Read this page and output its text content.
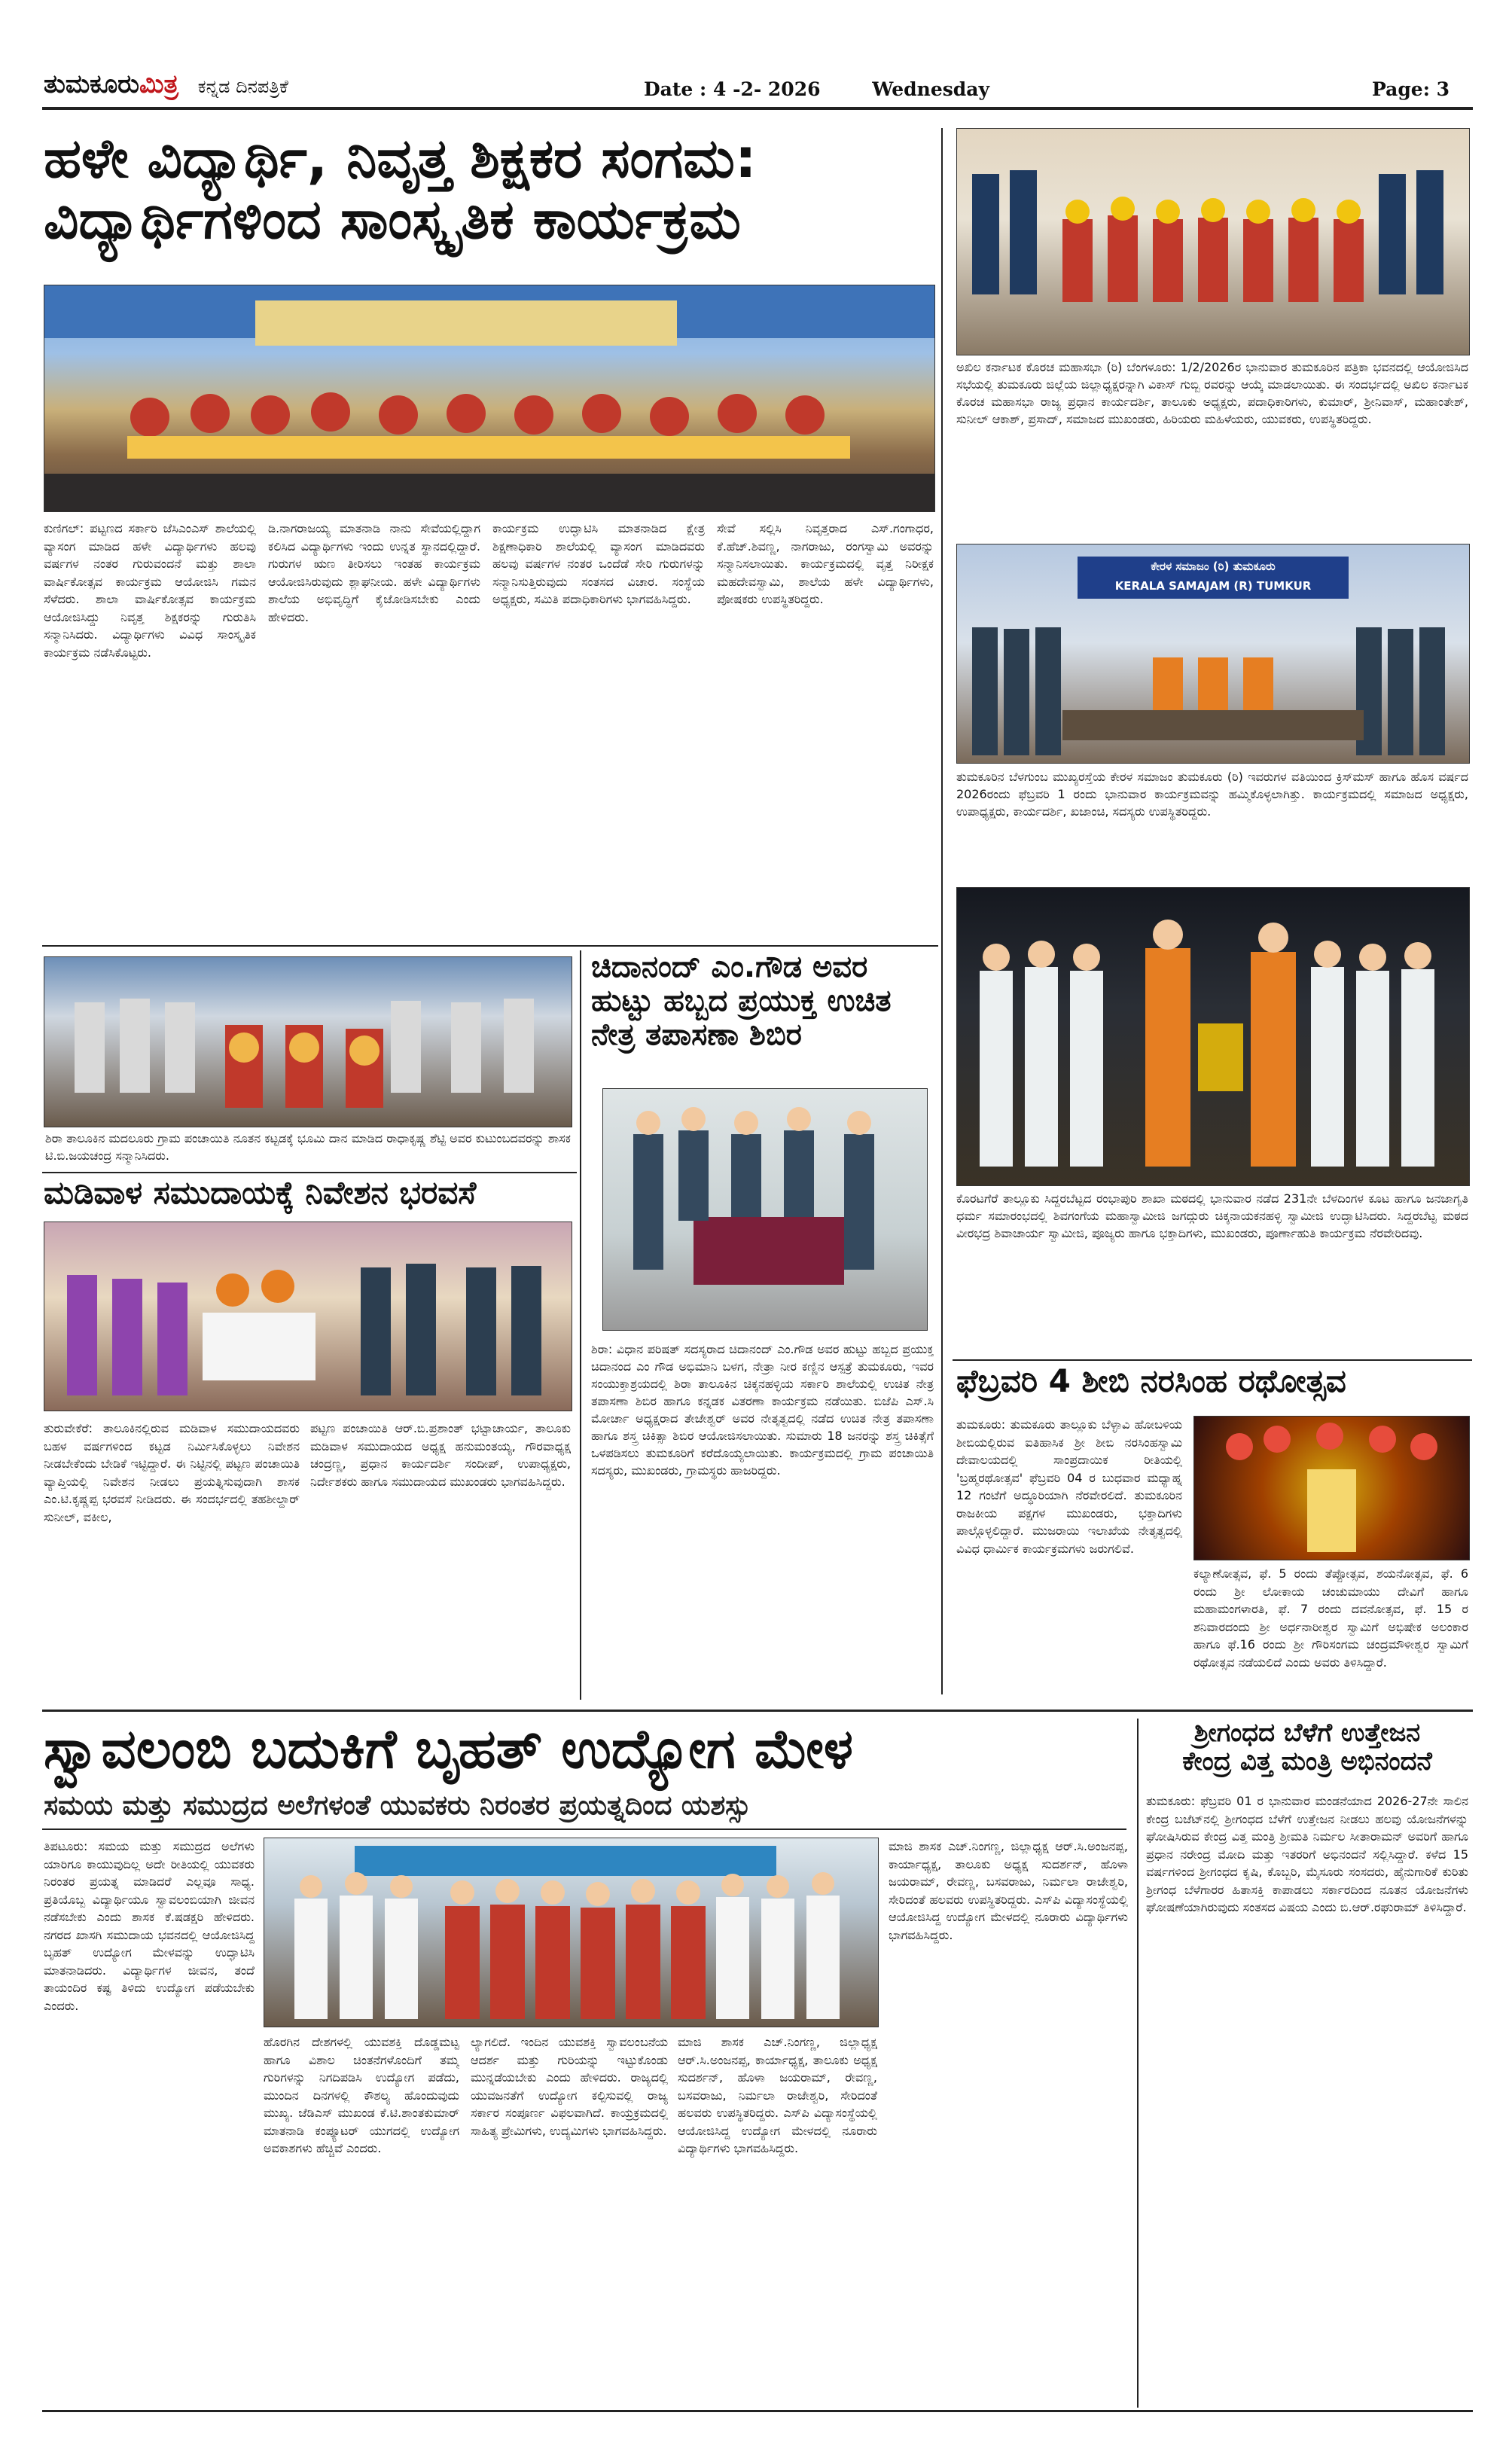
ತುಮಕೂರುಮಿತ್ರ ಕನ್ನಡ ದಿನಪತ್ರಿಕೆ	Date : 4 -2- 2026	Wednesday	Page: 3
ಹಳೇ ವಿದ್ಯಾರ್ಥಿ, ನಿವೃತ್ತ ಶಿಕ್ಷಕರ ಸಂಗಮ:
ವಿದ್ಯಾರ್ಥಿಗಳಿಂದ ಸಾಂಸ್ಕೃತಿಕ ಕಾರ್ಯಕ್ರಮ
ಕುಣಿಗಲ್: ಪಟ್ಟಣದ ಸರ್ಕಾರಿ ಜೆಸಿಎಂಎಸ್ ಶಾಲೆಯಲ್ಲಿ ವ್ಯಾಸಂಗ ಮಾಡಿದ ಹಳೇ ವಿದ್ಯಾರ್ಥಿಗಳು ಹಲವು ವರ್ಷಗಳ ನಂತರ ಗುರುವಂದನೆ ಮತ್ತು ಶಾಲಾ ವಾರ್ಷಿಕೋತ್ಸವ ಕಾರ್ಯಕ್ರಮ ಆಯೋಜಿಸಿ ಗಮನ ಸೆಳೆದರು. ಶಾಲಾ ವಾರ್ಷಿಕೋತ್ಸವ ಕಾರ್ಯಕ್ರಮ ಆಯೋಜಿಸಿದ್ದು ನಿವೃತ್ತ ಶಿಕ್ಷಕರನ್ನು ಗುರುತಿಸಿ ಸನ್ಮಾನಿಸಿದರು. ವಿದ್ಯಾರ್ಥಿಗಳು ವಿವಿಧ ಸಾಂಸ್ಕೃತಿಕ ಕಾರ್ಯಕ್ರಮ ನಡೆಸಿಕೊಟ್ಟರು.
ಡಿ.ನಾಗರಾಜಯ್ಯ ಮಾತನಾಡಿ ನಾನು ಸೇವೆಯಲ್ಲಿದ್ದಾಗ ಕಲಿಸಿದ ವಿದ್ಯಾರ್ಥಿಗಳು ಇಂದು ಉನ್ನತ ಸ್ಥಾನದಲ್ಲಿದ್ದಾರೆ. ಗುರುಗಳ ಋಣ ತೀರಿಸಲು ಇಂತಹ ಕಾರ್ಯಕ್ರಮ ಆಯೋಜಿಸಿರುವುದು ಶ್ಲಾಘನೀಯ. ಹಳೇ ವಿದ್ಯಾರ್ಥಿಗಳು ಶಾಲೆಯ ಅಭಿವೃದ್ಧಿಗೆ ಕೈಜೋಡಿಸಬೇಕು ಎಂದು ಹೇಳಿದರು.
ಕಾರ್ಯಕ್ರಮ ಉದ್ಘಾಟಿಸಿ ಮಾತನಾಡಿದ ಕ್ಷೇತ್ರ ಶಿಕ್ಷಣಾಧಿಕಾರಿ ಶಾಲೆಯಲ್ಲಿ ವ್ಯಾಸಂಗ ಮಾಡಿದವರು ಹಲವು ವರ್ಷಗಳ ನಂತರ ಒಂದೆಡೆ ಸೇರಿ ಗುರುಗಳನ್ನು ಸನ್ಮಾನಿಸುತ್ತಿರುವುದು ಸಂತಸದ ವಿಚಾರ. ಸಂಸ್ಥೆಯ ಅಧ್ಯಕ್ಷರು, ಸಮಿತಿ ಪದಾಧಿಕಾರಿಗಳು ಭಾಗವಹಿಸಿದ್ದರು.
ಸೇವೆ ಸಲ್ಲಿಸಿ ನಿವೃತ್ತರಾದ ಎಸ್.ಗಂಗಾಧರ, ಕೆ.ಹೆಚ್.ಶಿವಣ್ಣ, ನಾಗರಾಜು, ರಂಗಸ್ವಾಮಿ ಅವರನ್ನು ಸನ್ಮಾನಿಸಲಾಯಿತು. ಕಾರ್ಯಕ್ರಮದಲ್ಲಿ ವೃತ್ತ ನಿರೀಕ್ಷಕ ಮಹದೇವಸ್ವಾಮಿ, ಶಾಲೆಯ ಹಳೇ ವಿದ್ಯಾರ್ಥಿಗಳು, ಪೋಷಕರು ಉಪಸ್ಥಿತರಿದ್ದರು.
ಶಿರಾ ತಾಲೂಕಿನ ಮದಲೂರು ಗ್ರಾಮ ಪಂಚಾಯಿತಿ ನೂತನ ಕಟ್ಟಡಕ್ಕೆ ಭೂಮಿ ದಾನ ಮಾಡಿದ ರಾಧಾಕೃಷ್ಣ ಶೆಟ್ಟಿ ಅವರ ಕುಟುಂಬದವರನ್ನು ಶಾಸಕ ಟಿ.ಬಿ.ಜಯಚಂದ್ರ ಸನ್ಮಾನಿಸಿದರು.
ಮಡಿವಾಳ ಸಮುದಾಯಕ್ಕೆ ನಿವೇಶನ ಭರವಸೆ
ತುರುವೇಕೆರೆ: ತಾಲೂಕಿನಲ್ಲಿರುವ ಮಡಿವಾಳ ಸಮುದಾಯದವರು ಬಹಳ ವರ್ಷಗಳಿಂದ ಕಟ್ಟಡ ನಿರ್ಮಿಸಿಕೊಳ್ಳಲು ನಿವೇಶನ ನೀಡಬೇಕೆಂದು ಬೇಡಿಕೆ ಇಟ್ಟಿದ್ದಾರೆ. ಈ ನಿಟ್ಟಿನಲ್ಲಿ ಪಟ್ಟಣ ಪಂಚಾಯಿತಿ ವ್ಯಾಪ್ತಿಯಲ್ಲಿ ನಿವೇಶನ ನೀಡಲು ಪ್ರಯತ್ನಿಸುವುದಾಗಿ ಶಾಸಕ ಎಂ.ಟಿ.ಕೃಷ್ಣಪ್ಪ ಭರವಸೆ ನೀಡಿದರು. ಈ ಸಂದರ್ಭದಲ್ಲಿ ತಹಶೀಲ್ದಾರ್ ಸುನೀಲ್, ವಕೀಲ,
ಪಟ್ಟಣ ಪಂಚಾಯಿತಿ ಆರ್.ಬಿ.ಪ್ರಶಾಂತ್ ಭಟ್ಟಾಚಾರ್ಯ, ತಾಲೂಕು ಮಡಿವಾಳ ಸಮುದಾಯದ ಅಧ್ಯಕ್ಷ ಹನುಮಂತಯ್ಯ, ಗೌರವಾಧ್ಯಕ್ಷ ಚಂದ್ರಣ್ಣ, ಪ್ರಧಾನ ಕಾರ್ಯದರ್ಶಿ ಸಂದೀಪ್, ಉಪಾಧ್ಯಕ್ಷರು, ನಿರ್ದೇಶಕರು ಹಾಗೂ ಸಮುದಾಯದ ಮುಖಂಡರು ಭಾಗವಹಿಸಿದ್ದರು.
ಚಿದಾನಂದ್ ಎಂ.ಗೌಡ ಅವರ
ಹುಟ್ಟು ಹಬ್ಬದ ಪ್ರಯುಕ್ತ ಉಚಿತ
ನೇತ್ರ ತಪಾಸಣಾ ಶಿಬಿರ
ಶಿರಾ: ವಿಧಾನ ಪರಿಷತ್ ಸದಸ್ಯರಾದ ಚಿದಾನಂದ್ ಎಂ.ಗೌಡ ಅವರ ಹುಟ್ಟು ಹಬ್ಬದ ಪ್ರಯುಕ್ತ ಚಿದಾನಂದ ಎಂ ಗೌಡ ಅಭಿಮಾನಿ ಬಳಗ, ನೇತ್ರಾ ನೀರ ಕಣ್ಣಿನ ಆಸ್ಪತ್ರೆ ತುಮಕೂರು, ಇವರ ಸಂಯುಕ್ತಾಶ್ರಯದಲ್ಲಿ ಶಿರಾ ತಾಲೂಕಿನ ಚಿಕ್ಕನಹಳ್ಳಿಯ ಸರ್ಕಾರಿ ಶಾಲೆಯಲ್ಲಿ ಉಚಿತ ನೇತ್ರ ತಪಾಸಣಾ ಶಿಬಿರ ಹಾಗೂ ಕನ್ನಡಕ ವಿತರಣಾ ಕಾರ್ಯಕ್ರಮ ನಡೆಯಿತು. ಬಿಜೆಪಿ ಎಸ್.ಸಿ ಮೋರ್ಚಾ ಅಧ್ಯಕ್ಷರಾದ ತೇಜೇಶ್ವರ್ ಅವರ ನೇತೃತ್ವದಲ್ಲಿ ನಡೆದ ಉಚಿತ ನೇತ್ರ ತಪಾಸಣಾ ಹಾಗೂ ಶಸ್ತ್ರ ಚಿಕಿತ್ಸಾ ಶಿಬಿರ ಆಯೋಜಿಸಲಾಯಿತು. ಸುಮಾರು 18 ಜನರನ್ನು ಶಸ್ತ್ರ ಚಿಕಿತ್ಸೆಗೆ ಒಳಪಡಿಸಲು ತುಮಕೂರಿಗೆ ಕರೆದೊಯ್ಯಲಾಯಿತು. ಕಾರ್ಯಕ್ರಮದಲ್ಲಿ ಗ್ರಾಮ ಪಂಚಾಯಿತಿ ಸದಸ್ಯರು, ಮುಖಂಡರು, ಗ್ರಾಮಸ್ಥರು ಹಾಜರಿದ್ದರು.
ಅಖಿಲ ಕರ್ನಾಟಕ ಕೊರಚ ಮಹಾಸಭಾ (ರಿ) ಬೆಂಗಳೂರು: 1/2/2026ರ ಭಾನುವಾರ ತುಮಕೂರಿನ ಪತ್ರಿಕಾ ಭವನದಲ್ಲಿ ಆಯೋಜಿಸಿದ ಸಭೆಯಲ್ಲಿ ತುಮಕೂರು ಜಿಲ್ಲೆಯ ಜಿಲ್ಲಾಧ್ಯಕ್ಷರನ್ನಾಗಿ ವಿಕಾಸ್ ಗುಬ್ಬಿ ರವರನ್ನು ಆಯ್ಕೆ ಮಾಡಲಾಯಿತು. ಈ ಸಂದರ್ಭದಲ್ಲಿ ಅಖಿಲ ಕರ್ನಾಟಕ ಕೊರಚ ಮಹಾಸಭಾ ರಾಜ್ಯ ಪ್ರಧಾನ ಕಾರ್ಯದರ್ಶಿ, ತಾಲೂಕು ಅಧ್ಯಕ್ಷರು, ಪದಾಧಿಕಾರಿಗಳು, ಕುಮಾರ್, ಶ್ರೀನಿವಾಸ್, ಮಹಾಂತೇಶ್, ಸುನೀಲ್ ಆಕಾಶ್, ಪ್ರಸಾದ್, ಸಮಾಜದ ಮುಖಂಡರು, ಹಿರಿಯರು ಮಹಿಳೆಯರು, ಯುವಕರು, ಉಪಸ್ಥಿತರಿದ್ದರು.
ಕೇರಳ ಸಮಾಜಂ (ರಿ) ತುಮಕೂರು
KERALA SAMAJAM (R) TUMKUR
ತುಮಕೂರಿನ ಬೆಳಗುಂಬ ಮುಖ್ಯರಸ್ತೆಯ ಕೇರಳ ಸಮಾಜಂ ತುಮಕೂರು (ರಿ) ಇವರುಗಳ ವತಿಯಿಂದ ಕ್ರಿಸ್‌ಮಸ್ ಹಾಗೂ ಹೊಸ ವರ್ಷದ 2026ರಂದು ಫೆಬ್ರವರಿ 1 ರಂದು ಭಾನುವಾರ ಕಾರ್ಯಕ್ರಮವನ್ನು ಹಮ್ಮಿಕೊಳ್ಳಲಾಗಿತ್ತು. ಕಾರ್ಯಕ್ರಮದಲ್ಲಿ ಸಮಾಜದ ಅಧ್ಯಕ್ಷರು, ಉಪಾಧ್ಯಕ್ಷರು, ಕಾರ್ಯದರ್ಶಿ, ಖಜಾಂಚಿ, ಸದಸ್ಯರು ಉಪಸ್ಥಿತರಿದ್ದರು.
ಕೊರಟಗೆರೆ ತಾಲ್ಲೂಕು ಸಿದ್ದರಬೆಟ್ಟದ ರಂಭಾಪುರಿ ಶಾಖಾ ಮಠದಲ್ಲಿ ಭಾನುವಾರ ನಡೆದ 231ನೇ ಬೆಳದಿಂಗಳ ಕೂಟ ಹಾಗೂ ಜನಜಾಗೃತಿ ಧರ್ಮ ಸಮಾರಂಭದಲ್ಲಿ ಶಿವಗಂಗೆಯ ಮಹಾಸ್ವಾಮೀಜಿ ಜಗದ್ಗುರು ಚಿಕ್ಕನಾಯಕನಹಳ್ಳಿ ಸ್ವಾಮೀಜಿ ಉದ್ಘಾಟಿಸಿದರು. ಸಿದ್ದರಬೆಟ್ಟ ಮಠದ ವೀರಭದ್ರ ಶಿವಾಚಾರ್ಯ ಸ್ವಾಮೀಜಿ, ಪೂಜ್ಯರು ಹಾಗೂ ಭಕ್ತಾದಿಗಳು, ಮುಖಂಡರು, ಪೂರ್ಣಾಹುತಿ ಕಾರ್ಯಕ್ರಮ ನೆರವೇರಿದವು.
ಫೆಬ್ರವರಿ 4 ಶೀಬಿ ನರಸಿಂಹ ರಥೋತ್ಸವ
ತುಮಕೂರು: ತುಮಕೂರು ತಾಲ್ಲೂಕು ಬೆಳ್ಳಾವಿ ಹೋಬಳಿಯ ಶೀಬಿಯಲ್ಲಿರುವ ಐತಿಹಾಸಿಕ ಶ್ರೀ ಶೀಬಿ ನರಸಿಂಹಸ್ವಾಮಿ ದೇವಾಲಯದಲ್ಲಿ ಸಾಂಪ್ರದಾಯಿಕ ರೀತಿಯಲ್ಲಿ 'ಬ್ರಹ್ಮರಥೋತ್ಸವ' ಫೆಬ್ರವರಿ 04 ರ ಬುಧವಾರ ಮಧ್ಯಾಹ್ನ 12 ಗಂಟೆಗೆ ಅದ್ಧೂರಿಯಾಗಿ ನೆರವೇರಲಿದೆ. ತುಮಕೂರಿನ ರಾಜಕೀಯ ಪಕ್ಷಗಳ ಮುಖಂಡರು, ಭಕ್ತಾದಿಗಳು ಪಾಲ್ಗೊಳ್ಳಲಿದ್ದಾರೆ. ಮುಜರಾಯಿ ಇಲಾಖೆಯ ನೇತೃತ್ವದಲ್ಲಿ ವಿವಿಧ ಧಾರ್ಮಿಕ ಕಾರ್ಯಕ್ರಮಗಳು ಜರುಗಲಿವೆ.
ಕಲ್ಯಾಣೋತ್ಸವ, ಫೆ. 5 ರಂದು ತೆಪ್ಪೋತ್ಸವ, ಶಯನೋತ್ಸವ, ಫೆ. 6 ರಂದು ಶ್ರೀ ಲೋಕಾಯ ಚಂಚುಮಾಯು ದೇವಿಗೆ ಹಾಗೂ ಮಹಾಮಂಗಳಾರತಿ, ಫೆ. 7 ರಂದು ದವನೋತ್ಸವ, ಫೆ. 15 ರ ಶನಿವಾರದಂದು ಶ್ರೀ ಅರ್ಧನಾರೀಶ್ವರ ಸ್ವಾಮಿಗೆ ಅಭಿಷೇಕ ಅಲಂಕಾರ ಹಾಗೂ ಫೆ.16 ರಂದು ಶ್ರೀ ಗೌರಿಸಂಗಮ ಚಂದ್ರಮೌಳೀಶ್ವರ ಸ್ವಾಮಿಗೆ ರಥೋತ್ಸವ ನಡೆಯಲಿದೆ ಎಂದು ಅವರು ತಿಳಿಸಿದ್ದಾರೆ.
ಸ್ವಾವಲಂಬಿ ಬದುಕಿಗೆ ಬೃಹತ್ ಉದ್ಯೋಗ ಮೇಳ
ಸಮಯ ಮತ್ತು ಸಮುದ್ರದ ಅಲೆಗಳಂತೆ ಯುವಕರು ನಿರಂತರ ಪ್ರಯತ್ನದಿಂದ ಯಶಸ್ಸು
ತಿಪಟೂರು: ಸಮಯ ಮತ್ತು ಸಮುದ್ರದ ಅಲೆಗಳು ಯಾರಿಗೂ ಕಾಯುವುದಿಲ್ಲ ಅದೇ ರೀತಿಯಲ್ಲಿ ಯುವಕರು ನಿರಂತರ ಪ್ರಯತ್ನ ಮಾಡಿದರೆ ಎಲ್ಲವೂ ಸಾಧ್ಯ. ಪ್ರತಿಯೊಬ್ಬ ವಿದ್ಯಾರ್ಥಿಯೂ ಸ್ವಾವಲಂಬಿಯಾಗಿ ಜೀವನ ನಡೆಸಬೇಕು ಎಂದು ಶಾಸಕ ಕೆ.ಷಡಕ್ಷರಿ ಹೇಳಿದರು. ನಗರದ ಖಾಸಗಿ ಸಮುದಾಯ ಭವನದಲ್ಲಿ ಆಯೋಜಿಸಿದ್ದ ಬೃಹತ್ ಉದ್ಯೋಗ ಮೇಳವನ್ನು ಉದ್ಘಾಟಿಸಿ ಮಾತನಾಡಿದರು. ವಿದ್ಯಾರ್ಥಿಗಳ ಜೀವನ, ತಂದೆ ತಾಯಂದಿರ ಕಷ್ಟ ತಿಳಿದು ಉದ್ಯೋಗ ಪಡೆಯಬೇಕು ಎಂದರು.
ಹೊರಗಿನ ದೇಶಗಳಲ್ಲಿ ಯುವಶಕ್ತಿ ದೊಡ್ಡಮಟ್ಟ ಹಾಗೂ ವಿಶಾಲ ಚಿಂತನೆಗಳೊಂದಿಗೆ ತಮ್ಮ ಗುರಿಗಳನ್ನು ನಿಗದಿಪಡಿಸಿ ಉದ್ಯೋಗ ಪಡೆದು, ಮುಂದಿನ ದಿನಗಳಲ್ಲಿ ಕೌಶಲ್ಯ ಹೊಂದುವುದು ಮುಖ್ಯ. ಜೆಡಿಎಸ್ ಮುಖಂಡ ಕೆ.ಟಿ.ಶಾಂತಕುಮಾರ್ ಮಾತನಾಡಿ ಕಂಪ್ಯೂಟರ್ ಯುಗದಲ್ಲಿ ಉದ್ಯೋಗ ಅವಕಾಶಗಳು ಹೆಚ್ಚಿವೆ ಎಂದರು.
ಲ್ಯಾಗಲಿದೆ. ಇಂದಿನ ಯುವಶಕ್ತಿ ಸ್ವಾವಲಂಬನೆಯ ಆದರ್ಶ ಮತ್ತು ಗುರಿಯನ್ನು ಇಟ್ಟುಕೊಂಡು ಮುನ್ನಡೆಯಬೇಕು ಎಂದು ಹೇಳಿದರು. ರಾಜ್ಯದಲ್ಲಿ ಯುವಜನತೆಗೆ ಉದ್ಯೋಗ ಕಲ್ಪಿಸುವಲ್ಲಿ ರಾಜ್ಯ ಸರ್ಕಾರ ಸಂಪೂರ್ಣ ವಿಫಲವಾಗಿದೆ. ಕಾಯ್ರಕ್ರಮದಲ್ಲಿ ಸಾಹಿತ್ಯ ಪ್ರೇಮಿಗಳು, ಉದ್ಯಮಿಗಳು ಭಾಗವಹಿಸಿದ್ದರು.
ಮಾಜಿ ಶಾಸಕ ಎಚ್.ನಿಂಗಣ್ಣ, ಜಿಲ್ಲಾಧ್ಯಕ್ಷ ಆರ್.ಸಿ.ಅಂಜನಪ್ಪ, ಕಾರ್ಯಾಧ್ಯಕ್ಷ, ತಾಲೂಕು ಅಧ್ಯಕ್ಷ ಸುದರ್ಶನ್, ಹೊಳಾ ಜಯರಾಮ್, ರೇವಣ್ಣ, ಬಸವರಾಜು, ನಿರ್ಮಲಾ ರಾಜೇಶ್ವರಿ, ಸೇರಿದಂತೆ ಹಲವರು ಉಪಸ್ಥಿತರಿದ್ದರು. ಎಸ್‌ಪಿ ವಿದ್ಯಾಸಂಸ್ಥೆಯಲ್ಲಿ ಆಯೋಜಿಸಿದ್ದ ಉದ್ಯೋಗ ಮೇಳದಲ್ಲಿ ನೂರಾರು ವಿದ್ಯಾರ್ಥಿಗಳು ಭಾಗವಹಿಸಿದ್ದರು.
ಮಾಜಿ ಶಾಸಕ ಎಚ್.ನಿಂಗಣ್ಣ, ಜಿಲ್ಲಾಧ್ಯಕ್ಷ ಆರ್.ಸಿ.ಅಂಜನಪ್ಪ, ಕಾರ್ಯಾಧ್ಯಕ್ಷ, ತಾಲೂಕು ಅಧ್ಯಕ್ಷ ಸುದರ್ಶನ್, ಹೊಳಾ ಜಯರಾಮ್, ರೇವಣ್ಣ, ಬಸವರಾಜು, ನಿರ್ಮಲಾ ರಾಜೇಶ್ವರಿ, ಸೇರಿದಂತೆ ಹಲವರು ಉಪಸ್ಥಿತರಿದ್ದರು. ಎಸ್‌ಪಿ ವಿದ್ಯಾಸಂಸ್ಥೆಯಲ್ಲಿ ಆಯೋಜಿಸಿದ್ದ ಉದ್ಯೋಗ ಮೇಳದಲ್ಲಿ ನೂರಾರು ವಿದ್ಯಾರ್ಥಿಗಳು ಭಾಗವಹಿಸಿದ್ದರು.
ಶ್ರೀಗಂಧದ ಬೆಳೆಗೆ ಉತ್ತೇಜನ
ಕೇಂದ್ರ ವಿತ್ತ ಮಂತ್ರಿ ಅಭಿನಂದನೆ
ತುಮಕೂರು: ಫೆಬ್ರವರಿ 01 ರ ಭಾನುವಾರ ಮಂಡನೆಯಾದ 2026-27ನೇ ಸಾಲಿನ ಕೇಂದ್ರ ಬಜೆಟ್‌ನಲ್ಲಿ ಶ್ರೀಗಂಧದ ಬೆಳೆಗೆ ಉತ್ತೇಜನ ನೀಡಲು ಹಲವು ಯೋಜನೆಗಳನ್ನು ಘೋಷಿಸಿರುವ ಕೇಂದ್ರ ವಿತ್ತ ಮಂತ್ರಿ ಶ್ರೀಮತಿ ನಿರ್ಮಲ ಸೀತಾರಾಮನ್ ಅವರಿಗೆ ಹಾಗೂ ಪ್ರಧಾನ ನರೇಂದ್ರ ಮೋದಿ ಮತ್ತು ಇತರರಿಗೆ ಅಭಿನಂದನೆ ಸಲ್ಲಿಸಿದ್ದಾರೆ. ಕಳೆದ 15 ವರ್ಷಗಳಿಂದ ಶ್ರೀಗಂಧದ ಕೃಷಿ, ಕೊಬ್ಬರಿ, ಮೈಸೂರು ಸಂಸದರು, ಹೈನುಗಾರಿಕೆ ಕುರಿತು ಶ್ರೀಗಂಧ ಬೆಳೆಗಾರರ ಹಿತಾಸಕ್ತಿ ಕಾಪಾಡಲು ಸರ್ಕಾರದಿಂದ ನೂತನ ಯೋಜನೆಗಳು ಘೋಷಣೆಯಾಗಿರುವುದು ಸಂತಸದ ವಿಷಯ ಎಂದು ಬಿ.ಆರ್.ರಘುರಾಮ್ ತಿಳಿಸಿದ್ದಾರೆ.
